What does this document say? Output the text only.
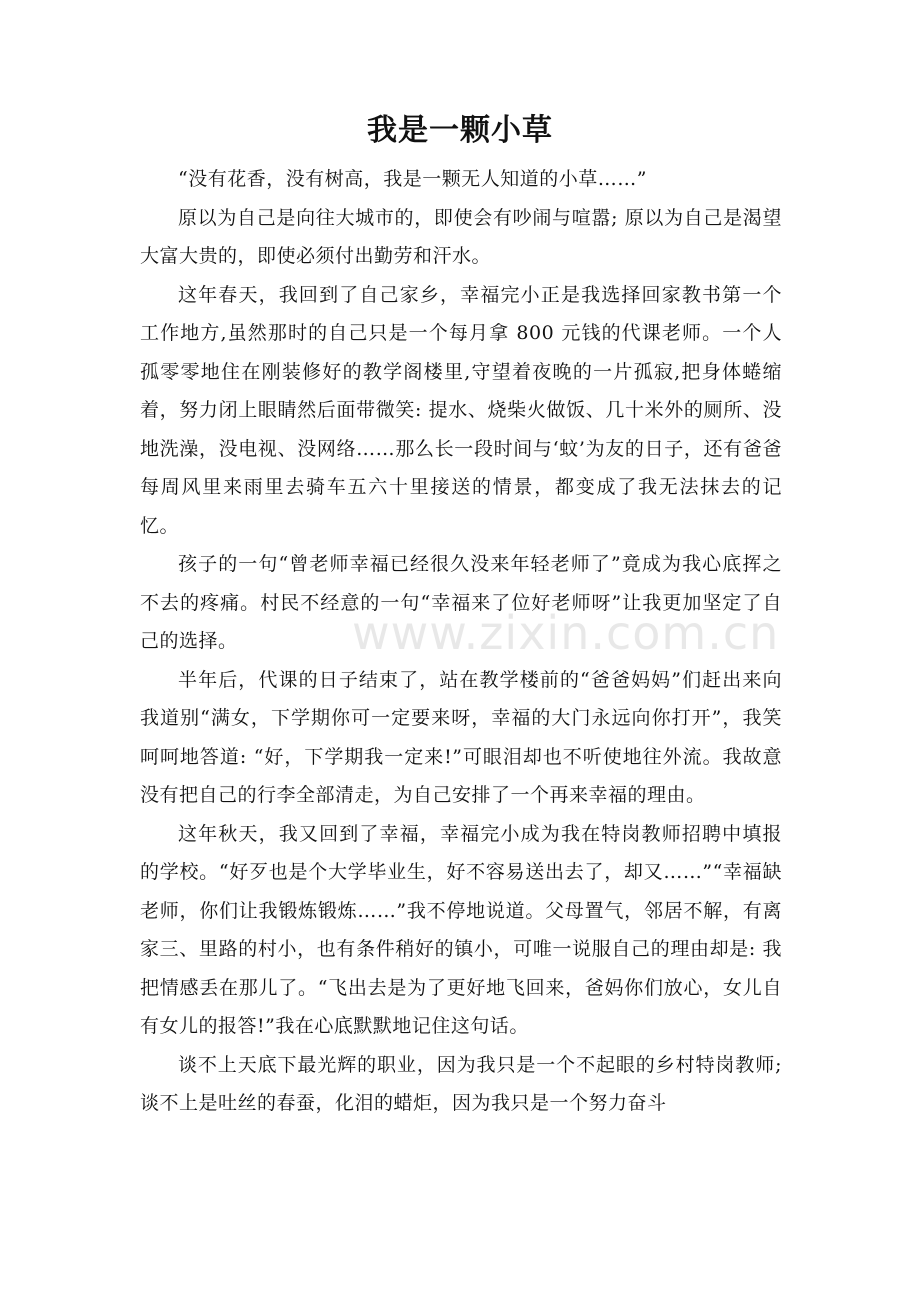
我是一颗小草

“没有花香，没有树高，我是一颗无人知道的小草……”

原以为自己是向往大城市的，即使会有吵闹与喧嚣; 原以为自己是渴望大富大贵的，即使必须付出勤劳和汗水。

这年春天，我回到了自己家乡，幸福完小正是我选择回家教书第一个工作地方,虽然那时的自己只是一个每月拿 800 元钱的代课老师。一个人孤零零地住在刚装修好的教学阁楼里,守望着夜晚的一片孤寂,把身体蜷缩着，努力闭上眼睛然后面带微笑: 提水、烧柴火做饭、几十米外的厕所、没地洗澡，没电视、没网络……那么长一段时间与‘蚊’为友的日子，还有爸爸每周风里来雨里去骑车五六十里接送的情景，都变成了我无法抹去的记忆。

孩子的一句“曾老师幸福已经很久没来年轻老师了”竟成为我心底挥之不去的疼痛。村民不经意的一句“幸福来了位好老师呀”让我更加坚定了自己的选择。

半年后，代课的日子结束了，站在教学楼前的“爸爸妈妈”们赶出来向我道别“满女，下学期你可一定要来呀，幸福的大门永远向你打开”，我笑呵呵地答道: “好，下学期我一定来!”可眼泪却也不听使地往外流。我故意没有把自己的行李全部清走，为自己安排了一个再来幸福的理由。

这年秋天，我又回到了幸福，幸福完小成为我在特岗教师招聘中填报的学校。“好歹也是个大学毕业生，好不容易送出去了，却又……”“幸福缺老师，你们让我锻炼锻炼……”我不停地说道。父母置气，邻居不解，有离家三、里路的村小，也有条件稍好的镇小，可唯一说服自己的理由却是: 我把情感丢在那儿了。“飞出去是为了更好地飞回来，爸妈你们放心，女儿自有女儿的报答!”我在心底默默地记住这句话。

谈不上天底下最光辉的职业，因为我只是一个不起眼的乡村特岗教师; 谈不上是吐丝的春蚕，化泪的蜡炬，因为我只是一个努力奋斗

www.zixin.com.cn
